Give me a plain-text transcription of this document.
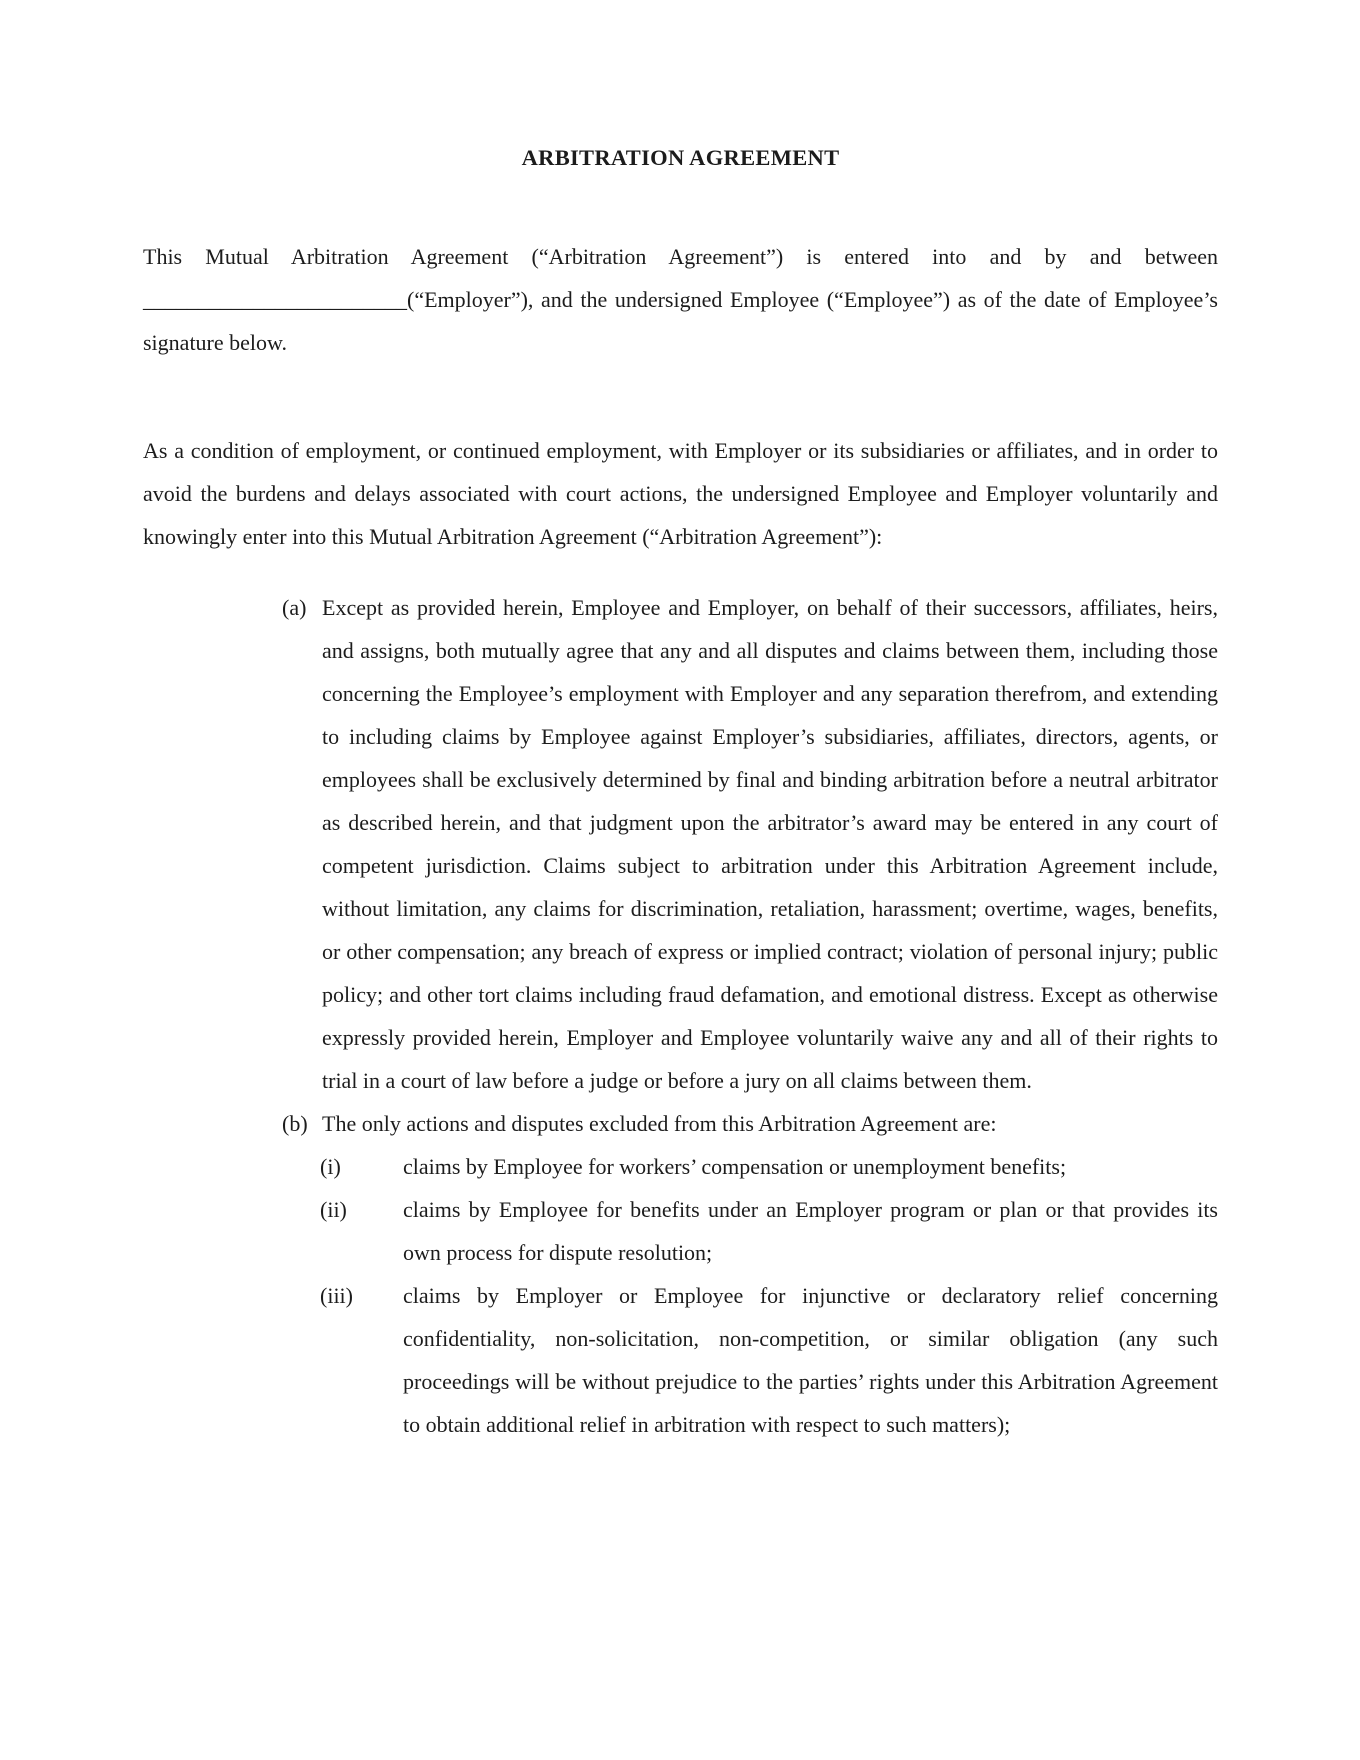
ARBITRATION AGREEMENT

This Mutual Arbitration Agreement (“Arbitration Agreement”) is entered into and by and between ________________________(“Employer”), and the undersigned Employee (“Employee”) as of the date of Employee’s signature below.

As a condition of employment, or continued employment, with Employer or its subsidiaries or affiliates, and in order to avoid the burdens and delays associated with court actions, the undersigned Employee and Employer voluntarily and knowingly enter into this Mutual Arbitration Agreement (“Arbitration Agreement”):

(a) Except as provided herein, Employee and Employer, on behalf of their successors, affiliates, heirs, and assigns, both mutually agree that any and all disputes and claims between them, including those concerning the Employee’s employment with Employer and any separation therefrom, and extending to including claims by Employee against Employer’s subsidiaries, affiliates, directors, agents, or employees shall be exclusively determined by final and binding arbitration before a neutral arbitrator as described herein, and that judgment upon the arbitrator’s award may be entered in any court of competent jurisdiction. Claims subject to arbitration under this Arbitration Agreement include, without limitation, any claims for discrimination, retaliation, harassment; overtime, wages, benefits, or other compensation; any breach of express or implied contract; violation of personal injury; public policy; and other tort claims including fraud defamation, and emotional distress. Except as otherwise expressly provided herein, Employer and Employee voluntarily waive any and all of their rights to trial in a court of law before a judge or before a jury on all claims between them.
(b) The only actions and disputes excluded from this Arbitration Agreement are:
(i)	claims by Employee for workers’ compensation or unemployment benefits;
(ii)	claims by Employee for benefits under an Employer program or plan or that provides its own process for dispute resolution;
(iii) claims by Employer or Employee for injunctive or declaratory relief concerning confidentiality, non-solicitation, non-competition, or similar obligation (any such proceedings will be without prejudice to the parties’ rights under this Arbitration Agreement to obtain additional relief in arbitration with respect to such matters);
